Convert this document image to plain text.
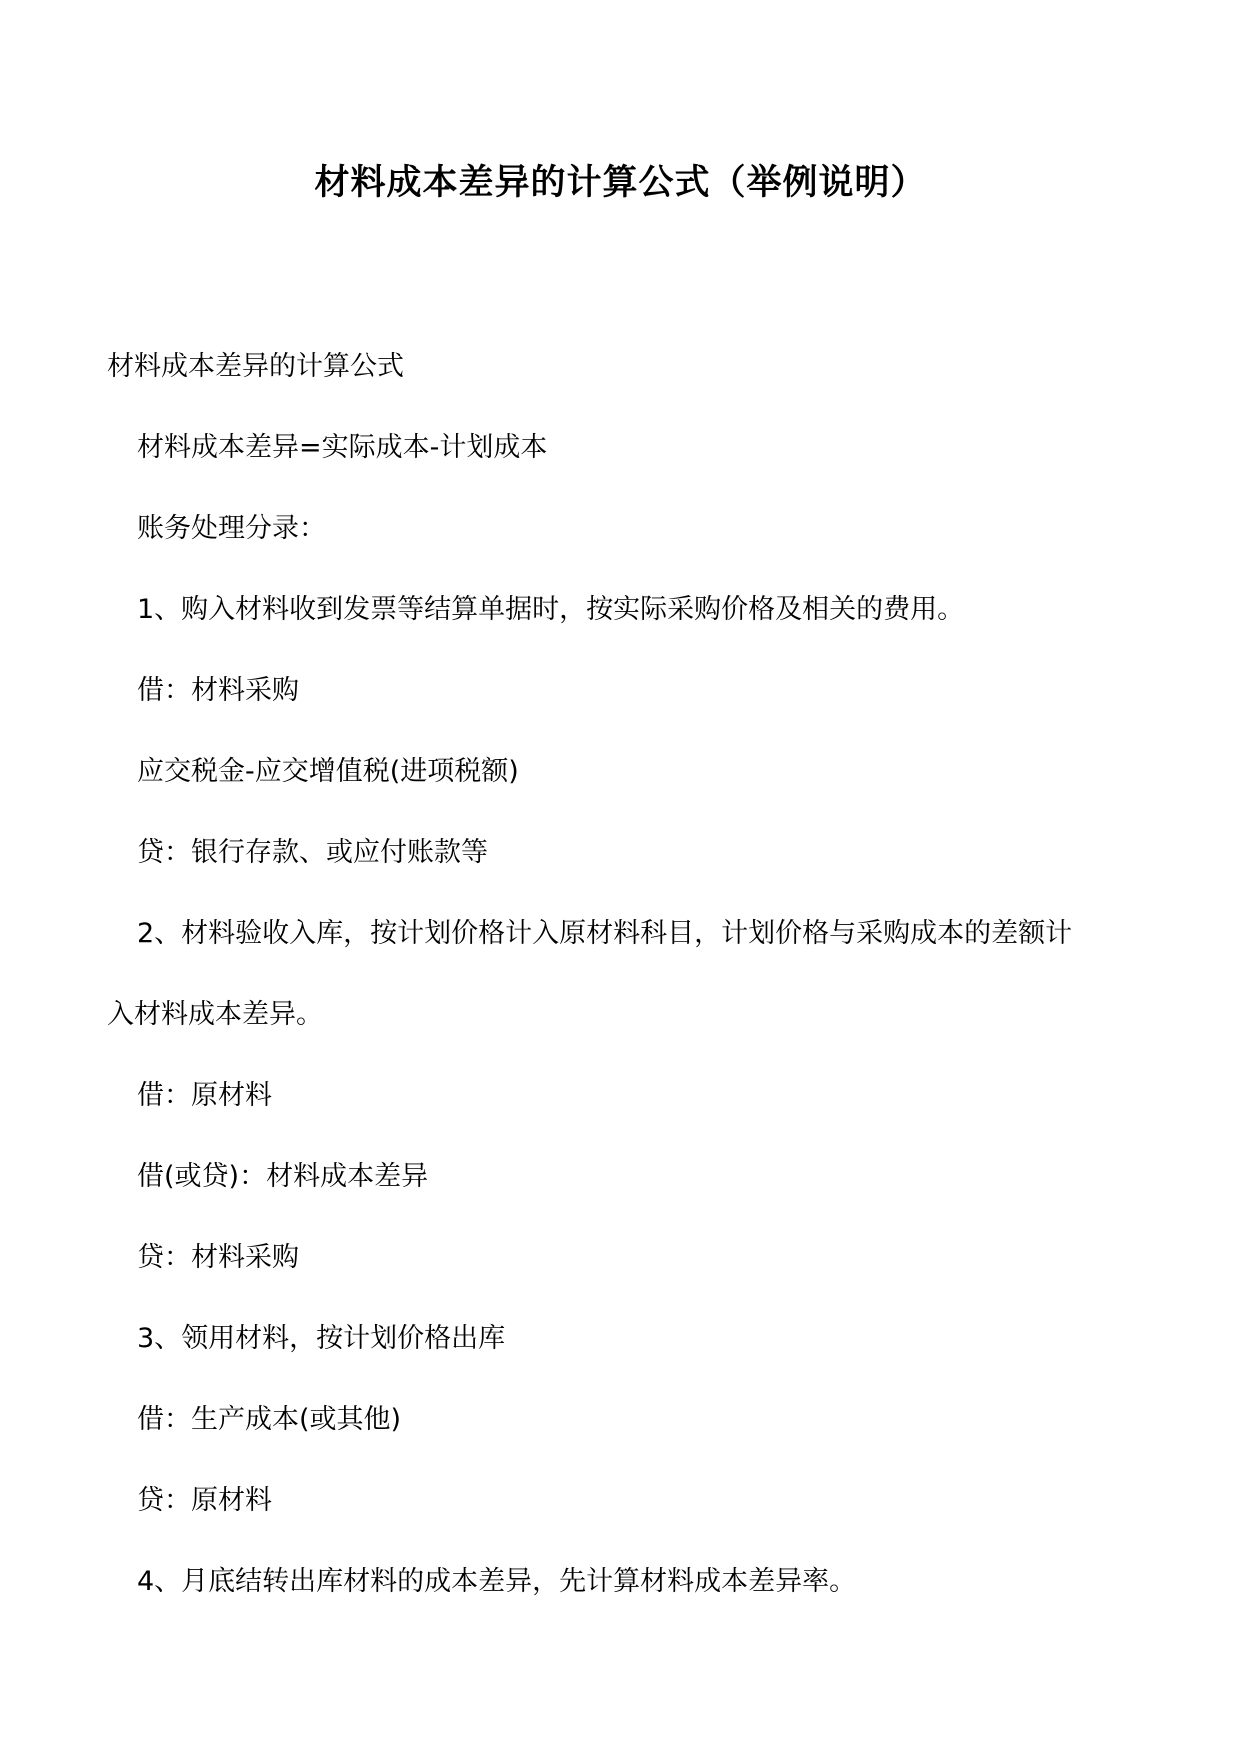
材料成本差异的计算公式（举例说明）
材料成本差异的计算公式
材料成本差异=实际成本-计划成本
账务处理分录：
1、购入材料收到发票等结算单据时，按实际采购价格及相关的费用。
借：材料采购
应交税金-应交增值税(进项税额)
贷：银行存款、或应付账款等
2、材料验收入库，按计划价格计入原材料科目，计划价格与采购成本的差额计
入材料成本差异。
借：原材料
借(或贷)：材料成本差异
贷：材料采购
3、领用材料，按计划价格出库
借：生产成本(或其他)
贷：原材料
4、月底结转出库材料的成本差异，先计算材料成本差异率。
